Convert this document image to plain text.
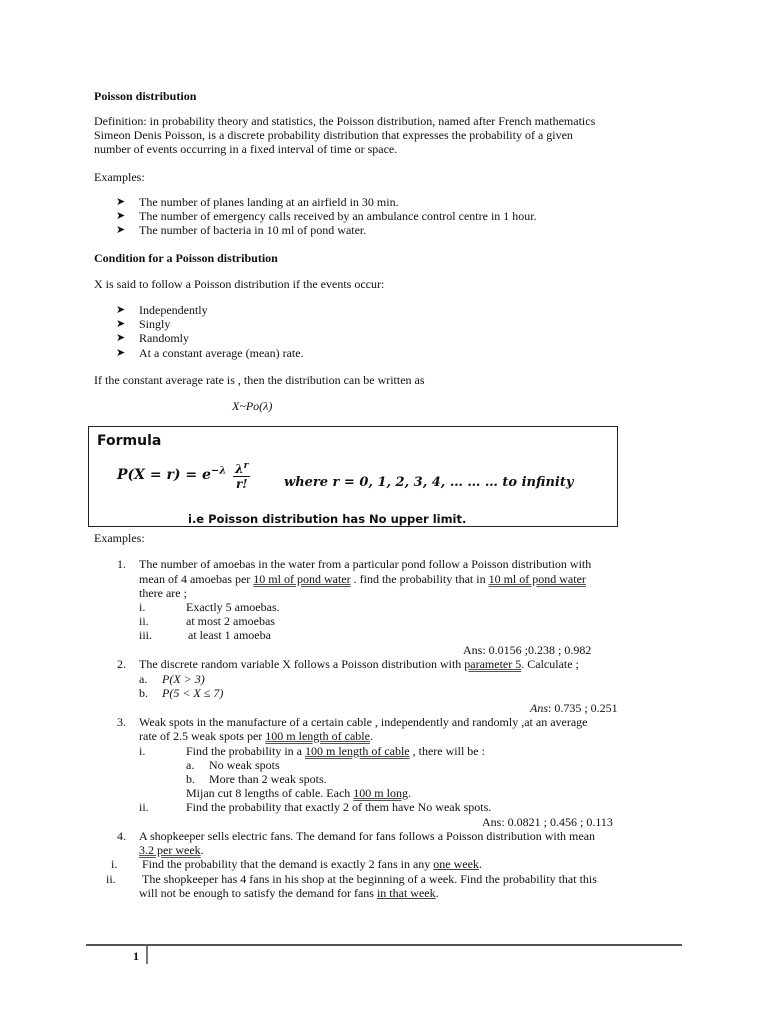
Poisson distribution
Definition: in probability theory and statistics, the Poisson distribution, named after French mathematics
Simeon Denis Poisson, is a discrete probability distribution that expresses the probability of a given
number of events occurring in a fixed interval of time or space.
Examples:
➤ The number of planes landing at an airfield in 30 min.
➤ The number of emergency calls received by an ambulance control centre in 1 hour.
➤ The number of bacteria in 10 ml of pond water.
Condition for a Poisson distribution
X is said to follow a Poisson distribution if the events occur:
➤ Independently
➤ Singly
➤ Randomly
➤ At a constant average (mean) rate.
If the constant average rate is , then the distribution can be written as
X~Po(λ)
Formula
$P(X = r) = e^{-\lambda} \frac{\lambda^r}{r!}$	where r = 0, 1, 2, 3, 4, … … … to infinity
i.e Poisson distribution has No upper limit.
Examples:
1. The number of amoebas in the water from a particular pond follow a Poisson distribution with
mean of 4 amoebas per 10 ml of pond water . find the probability that in 10 ml of pond water
there are ;
i.	Exactly 5 amoebas.
ii.	at most 2 amoebas
iii.	at least 1 amoeba
Ans: 0.0156 ;0.238 ; 0.982
2. The discrete random variable X follows a Poisson distribution with parameter 5. Calculate ;
a. P(X > 3)
b. P(5 < X ≤ 7)
Ans: 0.735 ; 0.251
3. Weak spots in the manufacture of a certain cable , independently and randomly ,at an average
rate of 2.5 weak spots per 100 m length of cable.
i.	Find the probability in a 100 m length of cable , there will be :
a. No weak spots
b. More than 2 weak spots.
Mijan cut 8 lengths of cable. Each 100 m long.
ii.	Find the probability that exactly 2 of them have No weak spots.
Ans: 0.0821 ; 0.456 ; 0.113
4. A shopkeeper sells electric fans. The demand for fans follows a Poisson distribution with mean
3.2 per week.
i. Find the probability that the demand is exactly 2 fans in any one week.
ii. The shopkeeper has 4 fans in his shop at the beginning of a week. Find the probability that this
will not be enough to satisfy the demand for fans in that week.
1
